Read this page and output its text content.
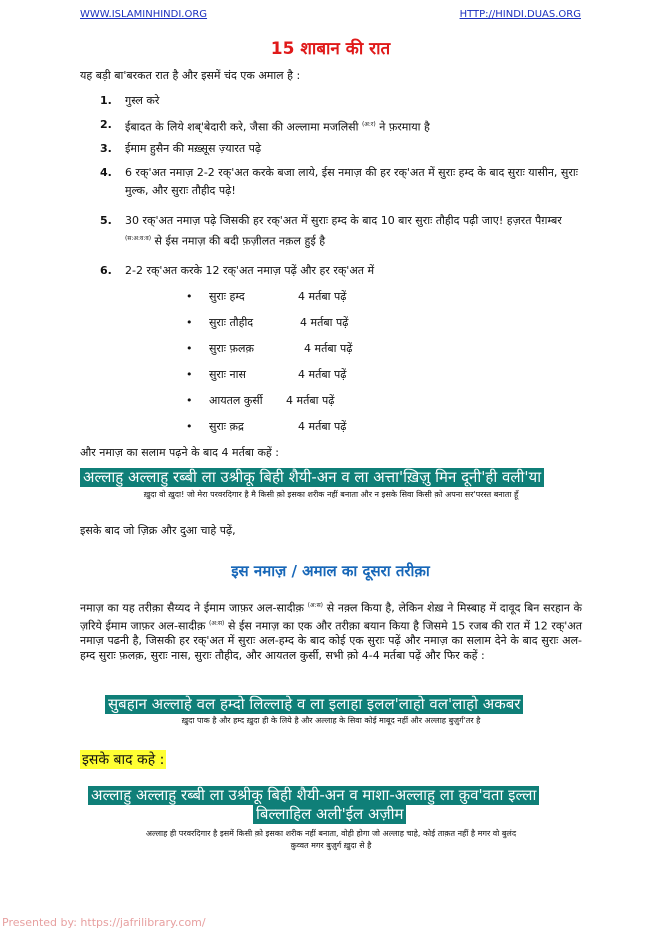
WWW.ISLAMINHINDI.ORG	HTTP://HINDI.DUAS.ORG
15 शाबान की रात
यह बड़ी बा'बरकत रात है और इसमें चंद एक अमाल है :
1. गुस्ल करे
2. ईबादत के लिये शब्'बेदारी करे, जैसा की अल्लामा मजलिसी $^{(अ:र)}$ ने फ़रमाया है
3. ईमाम हुसैन की मख़्सूस ज़्यारत पढ़े
4. 6 रक्'अत नमाज़ 2-2 रक्'अत करके बजा लाये, ईस नमाज़ की हर रक्'अत में सुराः हम्द के बाद सुराः यासीन, सुराः मुल्क, और सुराः तौहीद पढ़े!
5. 30 रक्'अत नमाज़ पढ़े जिसकी हर रक्'अत में सुराः हम्द के बाद 10 बार सुराः तौहीद पढ़ी जाए! हज़रत पैग़म्बर $^{(स:अ:व:व)}$ से ईस नमाज़ की बदी फ़ज़ीलत नक़ल हुई है
6. 2-2 रक्'अत करके 12 रक्'अत नमाज़ पढ़ें और हर रक्'अत में
• सुराः हम्द	4 मर्तबा पढ़ें
• सुराः तौहीद	4 मर्तबा पढ़ें
• सुराः फ़लक़	4 मर्तबा पढ़ें
• सुराः नास	4 मर्तबा पढ़ें
• आयतल कुर्सी 4 मर्तबा पढ़ें
• सुराः क़द्र	4 मर्तबा पढ़ें
और नमाज़ का सलाम पढ़ने के बाद 4 मर्तबा कहें :
अल्लाहु अल्लाहु रब्बी ला उश्रीकू बिही शैयी-अन व ला अत्ता'ख़िज़ु मिन दूनी'ही वली'या
ख़ुदा वो ख़ुदा! जो मेरा परवरदिगार है मै किसी क़ो इसका शरीक नहीं बनाता और न इसके सिवा किसी क़ो अपना सर'परस्त बनाता हूँ
इसके बाद जो ज़िक्र और दुआ चाहे पढ़ें,
इस नमाज़ / अमाल का दूसरा तरीक़ा
नमाज़ का यह तरीक़ा सैय्यद ने ईमाम जाफ़र अल-सादीक़ $^{(अ:स)}$ से नक़्ल किया है, लेकिन शेख़ ने मिस्बाह में दावूद बिन सरहान के ज़रिये ईमाम जाफ़र अल-सादीक़ $^{(अ:स)}$ से ईस नमाज़ का एक और तरीक़ा बयान किया है जिसमे 15 रजब की रात में 12 रक्'अत नमाज़ पढनी है, जिसकी हर रक्'अत में सुराः अल-हम्द के बाद कोई एक सुराः पढ़ें और नमाज़ का सलाम देने के बाद सुराः अल-हम्द सुराः फ़लक़, सुराः नास, सुराः तौहीद, और आयतल कुर्सी, सभी क़ो 4-4 मर्तबा पढ़ें और फिर कहें :
सुबहान अल्लाहे वल हम्दो लिल्लाहे व ला इलाहा इलल'लाहो वल'लाहो अकबर
ख़ुदा पाक है और हम्द ख़ुदा ही के लिये है और अल्लाह के सिवा कोई माबूद नहीं और अल्लाह बुज़ुर्ग'तर है
इसके बाद कहे :
अल्लाहु अल्लाहु रब्बी ला उश्रीकू बिही शैयी-अन व माशा-अल्लाहु ला क़ुव'वता इल्ला
बिल्लाहिल अली'ईल अज़ीम
अल्लाह ही परवरदिगार है इसमें किसी क़ो इसका शरीक नहीं बनाता, वोही होगा जो अल्लाह चाहे, कोई ताक़त नहीं है मगर वो बुलंद
क़ुव्वत मगर बुज़ुर्ग ख़ुदा से है
Presented by: https://jafrilibrary.com/
